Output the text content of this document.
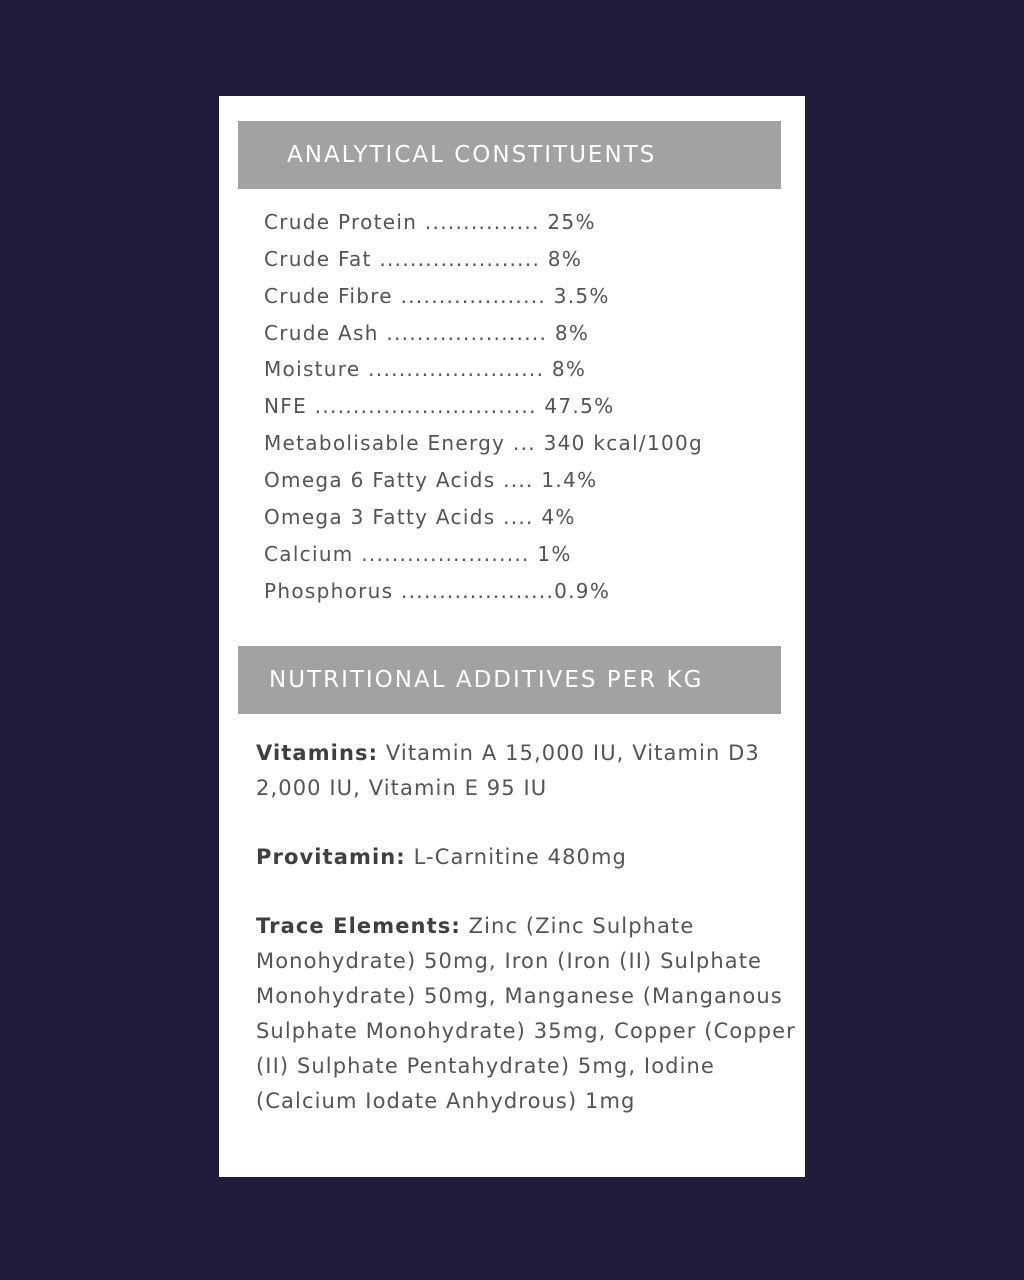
ANALYTICAL CONSTITUENTS
Crude Protein ............... 25%
Crude Fat ..................... 8%
Crude Fibre ................... 3.5%
Crude Ash ..................... 8%
Moisture ....................... 8%
NFE ............................. 47.5%
Metabolisable Energy ... 340 kcal/100g
Omega 6 Fatty Acids .... 1.4%
Omega 3 Fatty Acids .... 4%
Calcium ...................... 1%
Phosphorus ....................0.9%
NUTRITIONAL ADDITIVES PER KG

Vitamins: Vitamin A 15,000 IU, Vitamin D3 2,000 IU, Vitamin E 95 IU

Provitamin: L-Carnitine 480mg

Trace Elements: Zinc (Zinc Sulphate Monohydrate) 50mg, Iron (Iron (II) Sulphate Monohydrate) 50mg, Manganese (Manganous Sulphate Monohydrate) 35mg, Copper (Copper (II) Sulphate Pentahydrate) 5mg, Iodine (Calcium Iodate Anhydrous) 1mg
